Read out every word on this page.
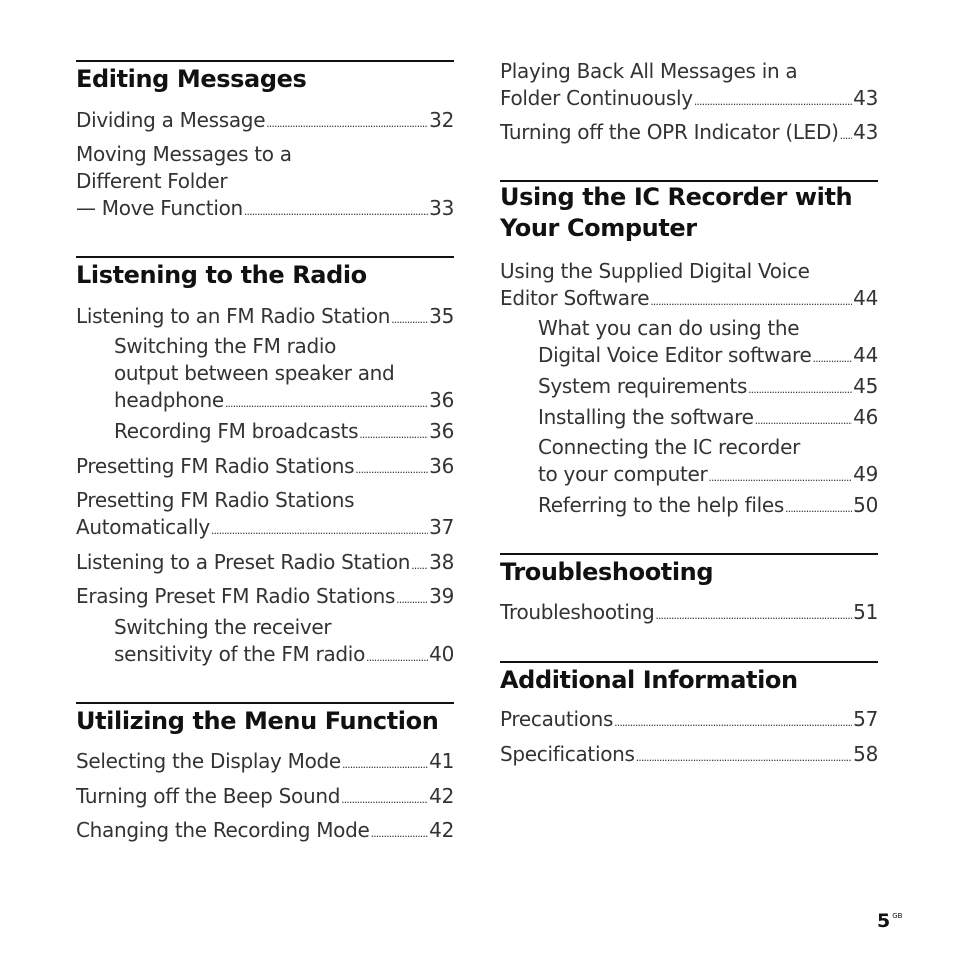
Editing Messages
Dividing a Message . . .	32
Moving Messages to a
Different Folder
— Move Function . . .	33
Listening to the Radio
Listening to an FM Radio Station . . . 35
Switching the FM radio
output between speaker and
headphone . . .	36
Recording FM broadcasts . . .	36
Presetting FM Radio Stations . . .	36
Presetting FM Radio Stations
Automatically . . .	37
Listening to a Preset Radio Station . . . 38
Erasing Preset FM Radio Stations . . . 39
Switching the receiver
sensitivity of the FM radio . . .	40
Utilizing the Menu Function
Selecting the Display Mode . . .	41
Turning off the Beep Sound . . .	42
Changing the Recording Mode . . .	42
Playing Back All Messages in a
Folder Continuously . . .	43
Turning off the OPR Indicator (LED) . . . 43
Using the IC Recorder with
Your Computer
Using the Supplied Digital Voice
Editor Software . . .	44
What you can do using the
Digital Voice Editor software . . . 44
System requirements . . .	45
Installing the software . . .	46
Connecting the IC recorder
to your computer . . .	49
Referring to the help files . . .	50
Troubleshooting
Troubleshooting . . .	51
Additional Information
Precautions . . .	57
Specifications . . .	58
5 $^{GB}$
